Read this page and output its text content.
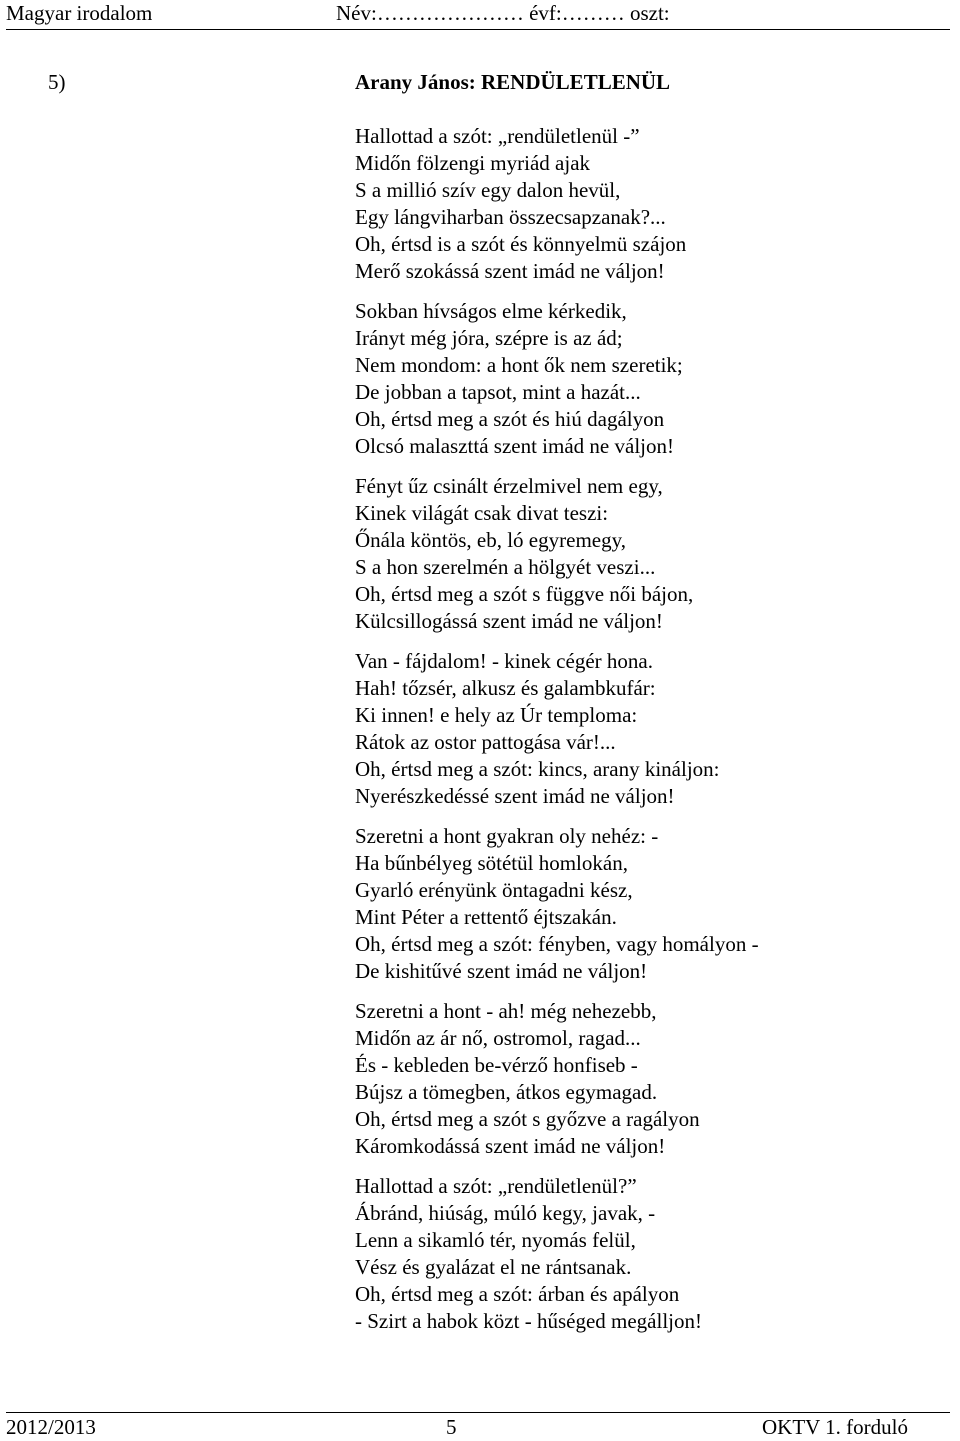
Magyar irodalom	Név:………………… évf:……… oszt:
5)	Arany János: RENDÜLETLENÜL
Hallottad a szót: „rendületlenül -”
Midőn fölzengi myriád ajak
S a millió szív egy dalon hevül,
Egy lángviharban összecsapzanak?...
Oh, értsd is a szót és könnyelmü szájon
Merő szokássá szent imád ne váljon!
Sokban hívságos elme kérkedik,
Irányt még jóra, szépre is az ád;
Nem mondom: a hont ők nem szeretik;
De jobban a tapsot, mint a hazát...
Oh, értsd meg a szót és hiú dagályon
Olcsó malaszttá szent imád ne váljon!
Fényt űz csinált érzelmivel nem egy,
Kinek világát csak divat teszi:
Őnála köntös, eb, ló egyremegy,
S a hon szerelmén a hölgyét veszi...
Oh, értsd meg a szót s függve női bájon,
Külcsillogássá szent imád ne váljon!
Van - fájdalom! - kinek cégér hona.
Hah! tőzsér, alkusz és galambkufár:
Ki innen! e hely az Úr temploma:
Rátok az ostor pattogása vár!...
Oh, értsd meg a szót: kincs, arany kináljon:
Nyerészkedéssé szent imád ne váljon!
Szeretni a hont gyakran oly nehéz: -
Ha bűnbélyeg sötétül homlokán,
Gyarló erényünk öntagadni kész,
Mint Péter a rettentő éjtszakán.
Oh, értsd meg a szót: fényben, vagy homályon -
De kishitűvé szent imád ne váljon!
Szeretni a hont - ah! még nehezebb,
Midőn az ár nő, ostromol, ragad...
És - kebleden be-vérző honfiseb -
Bújsz a tömegben, átkos egymagad.
Oh, értsd meg a szót s győzve a ragályon
Káromkodássá szent imád ne váljon!
Hallottad a szót: „rendületlenül?”
Ábránd, hiúság, múló kegy, javak, -
Lenn a sikamló tér, nyomás felül,
Vész és gyalázat el ne rántsanak.
Oh, értsd meg a szót: árban és apályon
- Szirt a habok közt - hűséged megálljon!
2012/2013	5	OKTV 1. forduló
